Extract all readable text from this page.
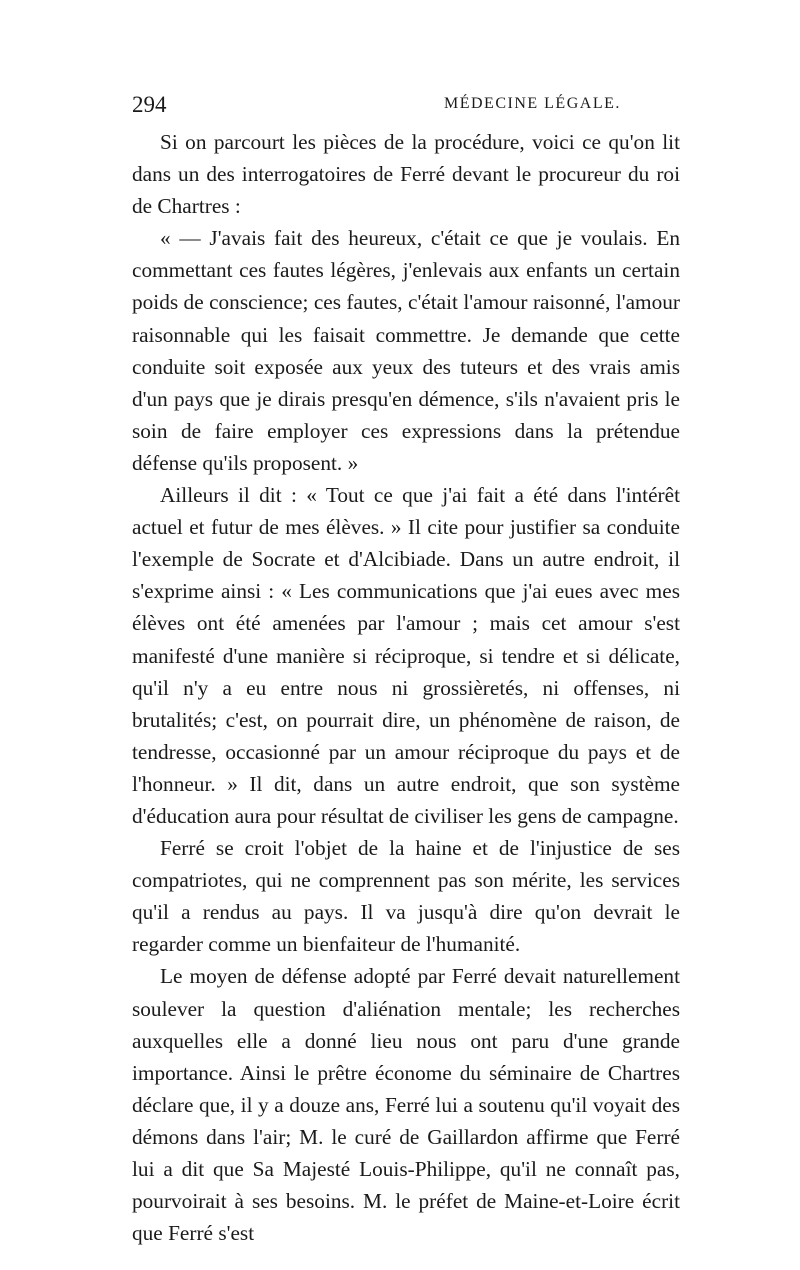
294	MÉDECINE LÉGALE.

Si on parcourt les pièces de la procédure, voici ce qu'on lit dans un des interrogatoires de Ferré devant le procureur du roi de Chartres :

« — J'avais fait des heureux, c'était ce que je voulais. En commettant ces fautes légères, j'enlevais aux enfants un certain poids de conscience; ces fautes, c'était l'amour raisonné, l'amour raisonnable qui les faisait commettre. Je demande que cette conduite soit exposée aux yeux des tuteurs et des vrais amis d'un pays que je dirais presqu'en démence, s'ils n'avaient pris le soin de faire employer ces expressions dans la prétendue défense qu'ils proposent. »

Ailleurs il dit : « Tout ce que j'ai fait a été dans l'intérêt actuel et futur de mes élèves. » Il cite pour justifier sa conduite l'exemple de Socrate et d'Alcibiade. Dans un autre endroit, il s'exprime ainsi : « Les communications que j'ai eues avec mes élèves ont été amenées par l'amour ; mais cet amour s'est manifesté d'une manière si réciproque, si tendre et si délicate, qu'il n'y a eu entre nous ni grossièretés, ni offenses, ni brutalités; c'est, on pourrait dire, un phénomène de raison, de tendresse, occasionné par un amour réciproque du pays et de l'honneur. » Il dit, dans un autre endroit, que son système d'éducation aura pour résultat de civiliser les gens de campagne.

Ferré se croit l'objet de la haine et de l'injustice de ses compatriotes, qui ne comprennent pas son mérite, les services qu'il a rendus au pays. Il va jusqu'à dire qu'on devrait le regarder comme un bienfaiteur de l'humanité.

Le moyen de défense adopté par Ferré devait naturellement soulever la question d'aliénation mentale; les recherches auxquelles elle a donné lieu nous ont paru d'une grande importance. Ainsi le prêtre économe du séminaire de Chartres déclare que, il y a douze ans, Ferré lui a soutenu qu'il voyait des démons dans l'air; M. le curé de Gaillardon affirme que Ferré lui a dit que Sa Majesté Louis-Philippe, qu'il ne connaît pas, pourvoirait à ses besoins. M. le préfet de Maine-et-Loire écrit que Ferré s'est
